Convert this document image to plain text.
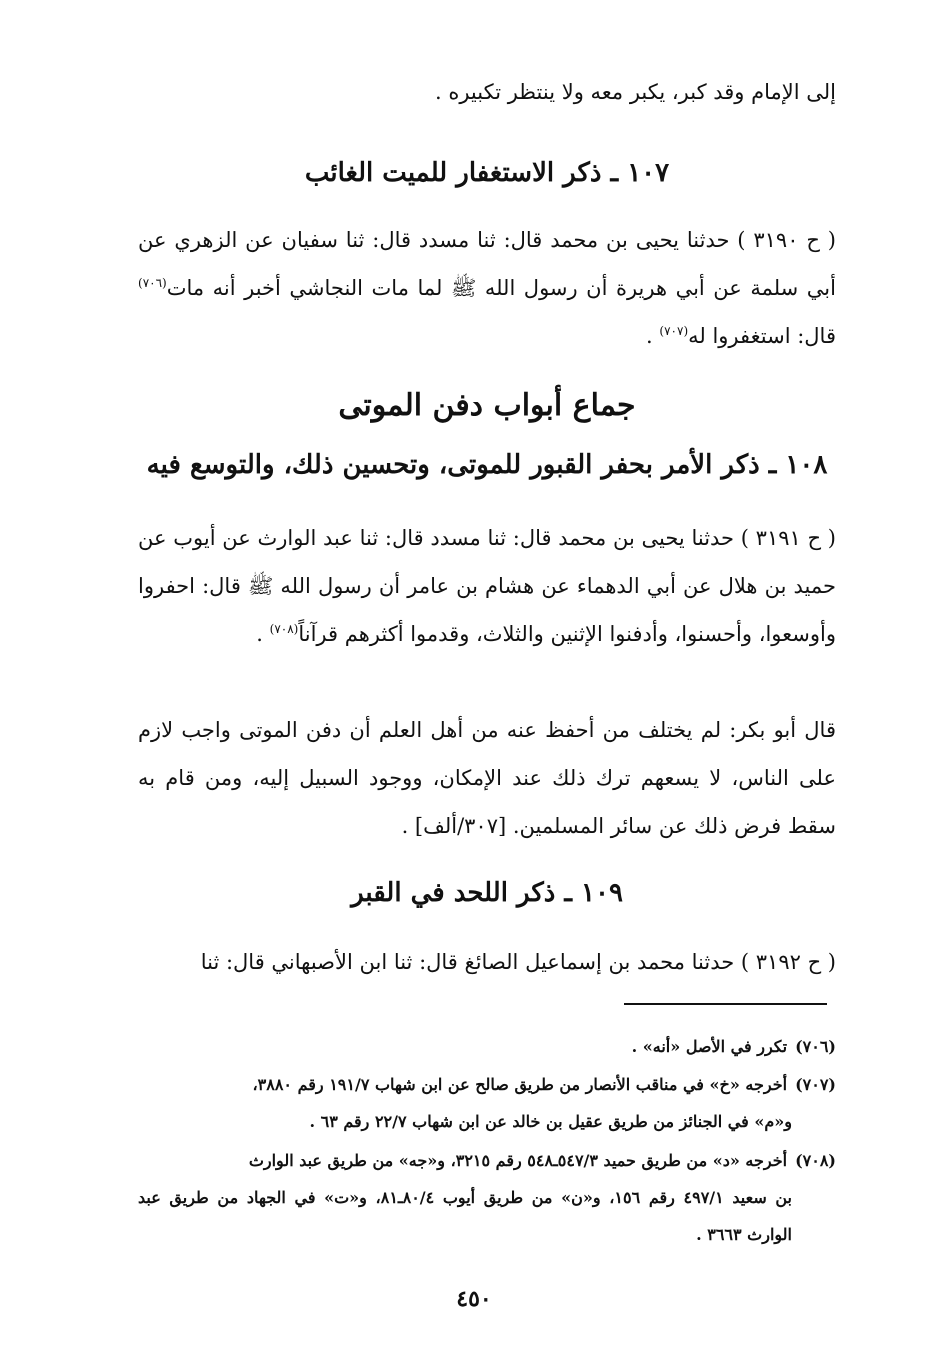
إلى الإمام وقد كبر، يكبر معه ولا ينتظر تكبيره .
١٠٧ ـ ذكر الاستغفار للميت الغائب
( ح ٣١٩٠ ) حدثنا يحيى بن محمد قال: ثنا مسدد قال: ثنا سفيان عن الزهري عن أبي سلمة عن أبي هريرة أن رسول الله ﷺ لما مات النجاشي أخبر أنه مات$^{(٧٠٦)}$ قال: استغفروا له$^{(٧٠٧)}$ .
جماع أبواب دفن الموتى
١٠٨ ـ ذكر الأمر بحفر القبور للموتى، وتحسين ذلك، والتوسع فيه
( ح ٣١٩١ ) حدثنا يحيى بن محمد قال: ثنا مسدد قال: ثنا عبد الوارث عن أيوب عن حميد بن هلال عن أبي الدهماء عن هشام بن عامر أن رسول الله ﷺ قال: احفروا وأوسعوا، وأحسنوا، وأدفنوا الإثنين والثلاث، وقدموا أكثرهم قرآناً$^{(٧٠٨)}$ .
قال أبو بكر: لم يختلف من أحفظ عنه من أهل العلم أن دفن الموتى واجب لازم على الناس، لا يسعهم ترك ذلك عند الإمكان، ووجود السبيل إليه، ومن قام به سقط فرض ذلك عن سائر المسلمين. [٣٠٧/ألف] .
١٠٩ ـ ذكر اللحد في القبر
( ح ٣١٩٢ ) حدثنا محمد بن إسماعيل الصائغ قال: ثنا ابن الأصبهاني قال: ثنا
(٧٠٦)تكرر في الأصل «أنه» .
(٧٠٧)أخرجه «خ» في مناقب الأنصار من طريق صالح عن ابن شهاب ١٩١/٧ رقم ٣٨٨٠،
و«م» في الجنائز من طريق عقيل بن خالد عن ابن شهاب ٢٢/٧ رقم ٦٣ .
(٧٠٨)أخرجه «د» من طريق حميد ٥٤٧/٣ـ٥٤٨ رقم ٣٢١٥، و«جه» من طريق عبد الوارث
بن سعيد ٤٩٧/١ رقم ١٥٦، و«ن» من طريق أيوب ٨٠/٤ـ٨١، و«ت» في الجهاد من طريق عبد الوارث ٣٦٦٣ .
٤٥٠
